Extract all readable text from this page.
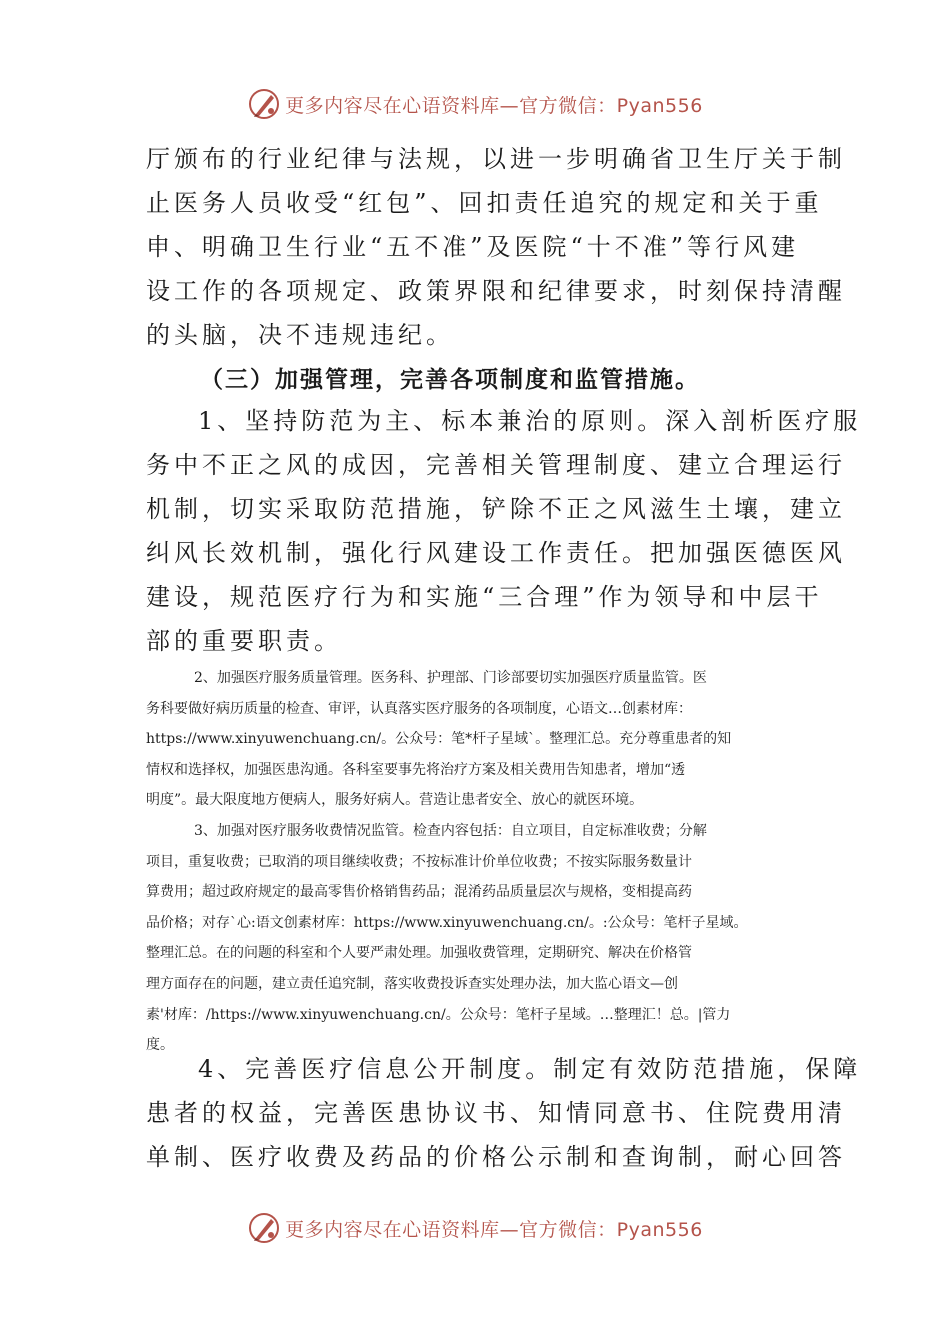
更多内容尽在心语资料库—官方微信：Pyan556

厅颁布的行业纪律与法规，以进一步明确省卫生厅关于制

止医务人员收受“红包”、回扣责任追究的规定和关于重

申、明确卫生行业“五不准”及医院“十不准”等行风建

设工作的各项规定、政策界限和纪律要求，时刻保持清醒

的头脑，决不违规违纪。

（三）加强管理，完善各项制度和监管措施。

1、坚持防范为主、标本兼治的原则。深入剖析医疗服

务中不正之风的成因，完善相关管理制度、建立合理运行

机制，切实采取防范措施，铲除不正之风滋生土壤，建立

纠风长效机制，强化行风建设工作责任。把加强医德医风

建设，规范医疗行为和实施“三合理”作为领导和中层干

部的重要职责。

2、加强医疗服务质量管理。医务科、护理部、门诊部要切实加强医疗质量监管。医

务科要做好病历质量的检查、审评，认真落实医疗服务的各项制度，心语文…创素材库：

https://www.xinyuwenchuang.cn/。公众号：笔*杆子星域`。整理汇总。充分尊重患者的知

情权和选择权，加强医患沟通。各科室要事先将治疗方案及相关费用告知患者，增加“透

明度”。最大限度地方便病人，服务好病人。营造让患者安全、放心的就医环境。

3、加强对医疗服务收费情况监管。检查内容包括：自立项目，自定标准收费；分解

项目，重复收费；已取消的项目继续收费；不按标准计价单位收费；不按实际服务数量计

算费用；超过政府规定的最高零售价格销售药品；混淆药品质量层次与规格，变相提高药

品价格；对存`心:语文创素材库：https://www.xinyuwenchuang.cn/。:公众号：笔杆子星域。

整理汇总。在的问题的科室和个人要严肃处理。加强收费管理，定期研究、解决在价格管

理方面存在的问题，建立责任追究制，落实收费投诉查实处理办法，加大监心语文—创

素'材库：/https://www.xinyuwenchuang.cn/。公众号：笔杆子星域。…整理汇！总。|管力

度。

4、完善医疗信息公开制度。制定有效防范措施，保障

患者的权益，完善医患协议书、知情同意书、住院费用清

单制、医疗收费及药品的价格公示制和查询制，耐心回答

更多内容尽在心语资料库—官方微信：Pyan556
